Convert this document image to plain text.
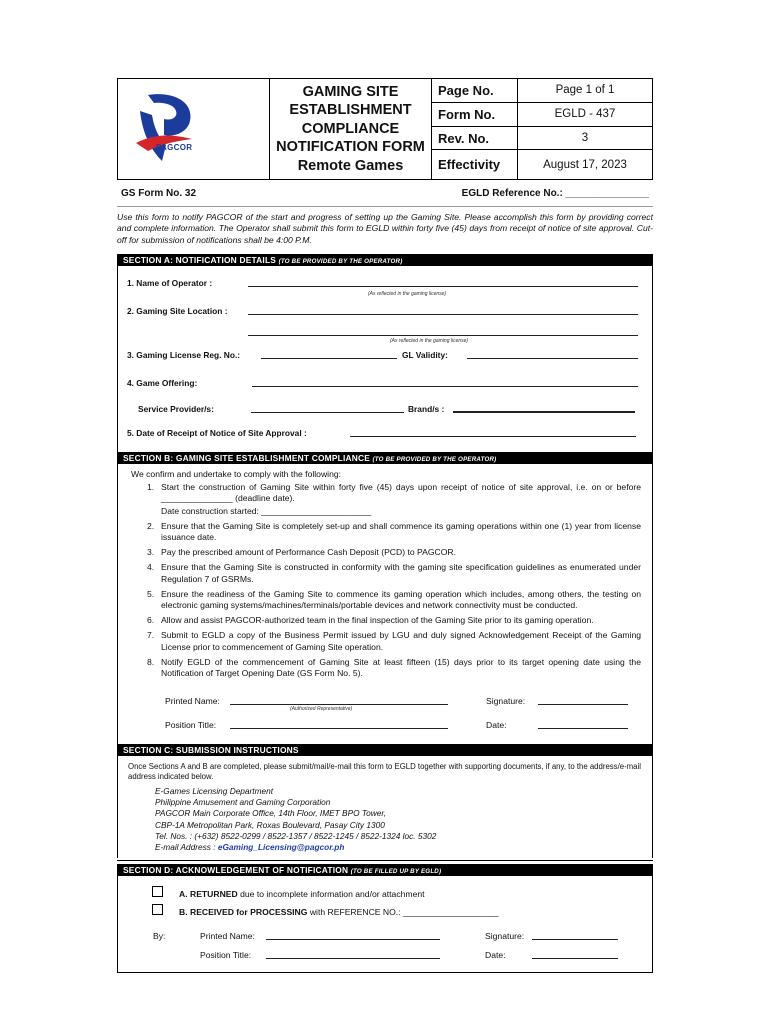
PAGCOR
GAMING SITE
ESTABLISHMENT
COMPLIANCE
NOTIFICATION FORM
Remote Games
Page No.	Page 1 of 1
Form No.	EGLD - 437
Rev. No.	3
Effectivity	August 17, 2023
GS Form No. 32	EGLD Reference No.: _______________
Use this form to notify PAGCOR of the start and progress of setting up the Gaming Site. Please accomplish this form by providing correct and complete information. The Operator shall submit this form to EGLD within forty five (45) days from receipt of notice of site approval. Cut-off for submission of notifications shall be 4:00 P.M.
SECTION A: NOTIFICATION DETAILS (TO BE PROVIDED BY THE OPERATOR)
1. Name of Operator :
(As reflected in the gaming license)
2. Gaming Site Location :
(As reflected in the gaming license)
3. Gaming License Reg. No.:	GL Validity:
4. Game Offering:
Service Provider/s:	Brand/s :
5. Date of Receipt of Notice of Site Approval :
SECTION B: GAMING SITE ESTABLISHMENT COMPLIANCE (TO BE PROVIDED BY THE OPERATOR)
We confirm and undertake to comply with the following:
1. Start the construction of Gaming Site within forty five (45) days upon receipt of notice of site approval, i.e. on or before _______________ (deadline date).
Date construction started: _______________________
2. Ensure that the Gaming Site is completely set-up and shall commence its gaming operations within one (1) year from license issuance date.
3. Pay the prescribed amount of Performance Cash Deposit (PCD) to PAGCOR.
4. Ensure that the Gaming Site is constructed in conformity with the gaming site specification guidelines as enumerated under Regulation 7 of GSRMs.
5. Ensure the readiness of the Gaming Site to commence its gaming operation which includes, among others, the testing on electronic gaming systems/machines/terminals/portable devices and network connectivity must be conducted.
6. Allow and assist PAGCOR-authorized team in the final inspection of the Gaming Site prior to its gaming operation.
7. Submit to EGLD a copy of the Business Permit issued by LGU and duly signed Acknowledgement Receipt of the Gaming License prior to commencement of Gaming Site operation.
8. Notify EGLD of the commencement of Gaming Site at least fifteen (15) days prior to its target opening date using the Notification of Target Opening Date (GS Form No. 5).
Printed Name:
(Authorized Representative)
Signature:
Position Title:	Date:
SECTION C: SUBMISSION INSTRUCTIONS
Once Sections A and B are completed, please submit/mail/e-mail this form to EGLD together with supporting documents, if any, to the address/e-mail address indicated below.
E-Games Licensing Department
Philippine Amusement and Gaming Corporation
PAGCOR Main Corporate Office, 14th Floor, IMET BPO Tower,
CBP-1A Metropolitan Park, Roxas Boulevard, Pasay City 1300
Tel. Nos. : (+632) 8522-0299 / 8522-1357 / 8522-1245 / 8522-1324 loc. 5302
E-mail Address : eGaming_Licensing@pagcor.ph
SECTION D: ACKNOWLEDGEMENT OF NOTIFICATION (TO BE FILLED UP BY EGLD)
A. RETURNED due to incomplete information and/or attachment
B. RECEIVED for PROCESSING with REFERENCE NO.: ____________________
By:	Printed Name:	Signature:
Position Title:	Date:
